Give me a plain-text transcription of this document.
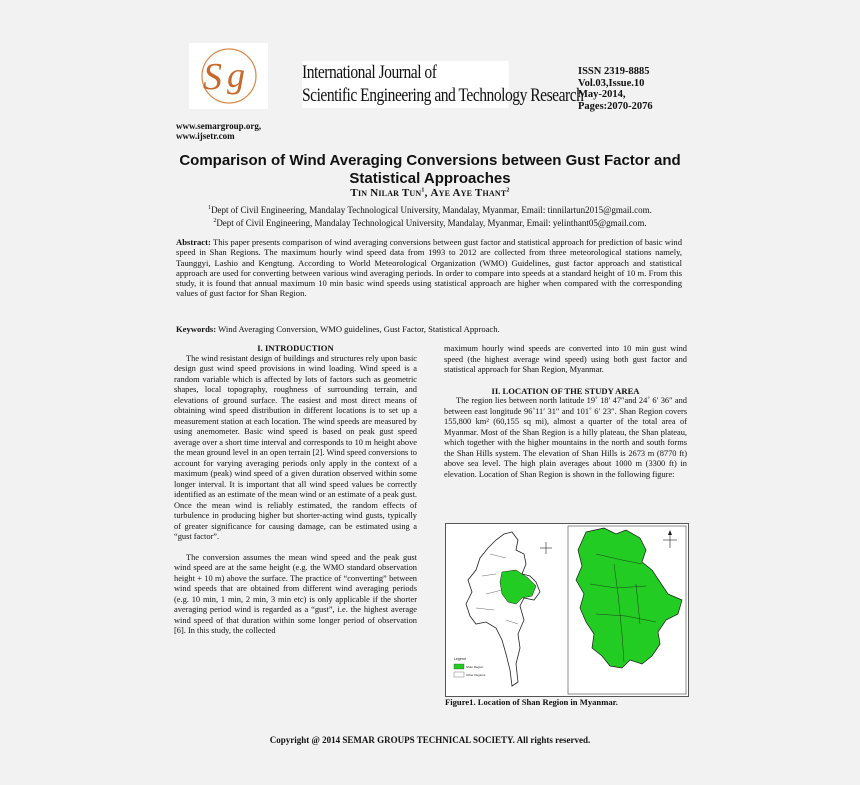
S g	International Journal of
Scientific Engineering and Technology Research
ISSN 2319-8885
Vol.03,Issue.10
May-2014,
Pages:2070-2076
www.semargroup.org,
www.ijsetr.com
Comparison of Wind Averaging Conversions between Gust Factor and
Statistical Approaches
Tin Nilar Tun$^1$, Aye Aye Thant$^2$
$^1$Dept of Civil Engineering, Mandalay Technological University, Mandalay, Myanmar, Email: tinnilartun2015@gmail.com.
$^2$Dept of Civil Engineering, Mandalay Technological University, Mandalay, Myanmar, Email: yelinthant05@gmail.com.
Abstract: This paper presents comparison of wind averaging conversions between gust factor and statistical approach for prediction of basic wind speed in Shan Regions. The maximum hourly wind speed data from 1993 to 2012 are collected from three meteorological stations namely, Taunggyi, Lashio and Kengtung. According to World Meteorological Organization (WMO) Guidelines, gust factor approach and statistical approach are used for converting between various wind averaging periods. In order to compare into speeds at a standard height of 10 m. From this study, it is found that annual maximum 10 min basic wind speeds using statistical approach are higher when compared with the corresponding values of gust factor for Shan Region.
Keywords: Wind Averaging Conversion, WMO guidelines, Gust Factor, Statistical Approach.
I. INTRODUCTION

The wind resistant design of buildings and structures rely upon basic design gust wind speed provisions in wind loading. Wind speed is a random variable which is affected by lots of factors such as geometric shapes, local topography, roughness of surrounding terrain, and elevations of ground surface. The easiest and most direct means of obtaining wind speed distribution in different locations is to set up a measurement station at each location. The wind speeds are measured by using anemometer. Basic wind speed is based on peak gust speed average over a short time interval and corresponds to 10 m height above the mean ground level in an open terrain [2]. Wind speed conversions to account for varying averaging periods only apply in the context of a maximum (peak) wind speed of a given duration observed within some longer interval. It is important that all wind speed values be correctly identified as an estimate of the mean wind or an estimate of a peak gust. Once the mean wind is reliably estimated, the random effects of turbulence in producing higher but shorter-acting wind gusts, typically of greater significance for causing damage, can be estimated using a “gust factor”.

The conversion assumes the mean wind speed and the peak gust wind speed are at the same height (e.g. the WMO standard observation height + 10 m) above the surface. The practice of “converting” between wind speeds that are obtained from different wind averaging periods (e.g. 10 min, 1 min, 2 min, 3 min etc) is only applicable if the shorter averaging period wind is regarded as a “gust”, i.e. the highest average wind speed of that duration within some longer period of observation [6]. In this study, the collected

maximum hourly wind speeds are converted into 10 min gust wind speed (the highest average wind speed) using both gust factor and statistical approach for Shan Region, Myanmar.

II. LOCATION OF THE STUDY AREA

The region lies between north latitude 19˚ 18′ 47″and 24˚ 6′ 36″ and between east longitude 96˚11′ 31″ and 101˚ 6′ 23″. Shan Region covers 155,800 km² (60,155 sq mi), almost a quarter of the total area of Myanmar. Most of the Shan Region is a hilly plateau, the Shan plateau, which together with the higher mountains in the north and south forms the Shan Hills system. The elevation of Shan Hills is 2673 m (8770 ft) above sea level. The high plain averages about 1000 m (3300 ft) in elevation. Location of Shan Region is shown in the following figure:

Legend
Shan Region
Other Regions
Figure1. Location of Shan Region in Myanmar.
Copyright @ 2014 SEMAR GROUPS TECHNICAL SOCIETY. All rights reserved.
